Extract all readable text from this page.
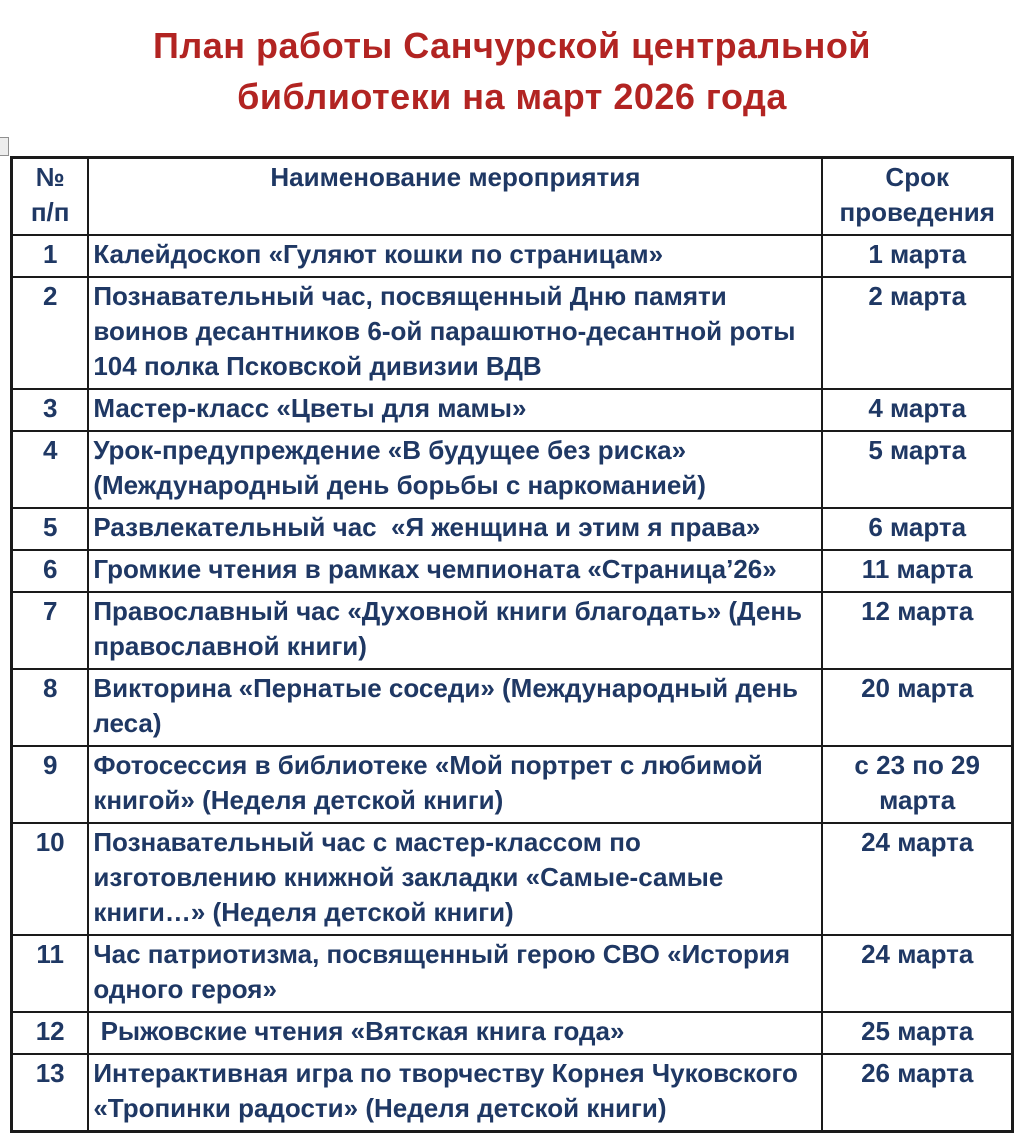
План работы Санчурской центральной
библиотеки на март 2026 года
№
п/п	Наименование мероприятия	Срок проведения
1	Калейдоскоп «Гуляют кошки по страницам»	1 марта
2	Познавательный час, посвященный Дню памяти воинов десантников 6-ой парашютно-десантной роты 104 полка Псковской дивизии ВДВ	2 марта
3	Мастер-класс «Цветы для мамы»	4 марта
4	Урок-предупреждение «В будущее без риска» (Международный день борьбы с наркоманией)	5 марта
5	Развлекательный час  «Я женщина и этим я права»	6 марта
6	Громкие чтения в рамках чемпионата «Страница’26»	11 марта
7	Православный час «Духовной книги благодать» (День православной книги)	12 марта
8	Викторина «Пернатые соседи» (Международный день леса)	20 марта
9	Фотосессия в библиотеке «Мой портрет с любимой книгой» (Неделя детской книги)	с 23 по 29 марта
10	Познавательный час с мастер-классом по изготовлению книжной закладки «Самые-самые книги…» (Неделя детской книги)	24 марта
11	Час патриотизма, посвященный герою СВО «История одного героя»	24 марта
12	Рыжовские чтения «Вятская книга года»	25 марта
13	Интерактивная игра по творчеству Корнея Чуковского «Тропинки радости» (Неделя детской книги)	26 марта
